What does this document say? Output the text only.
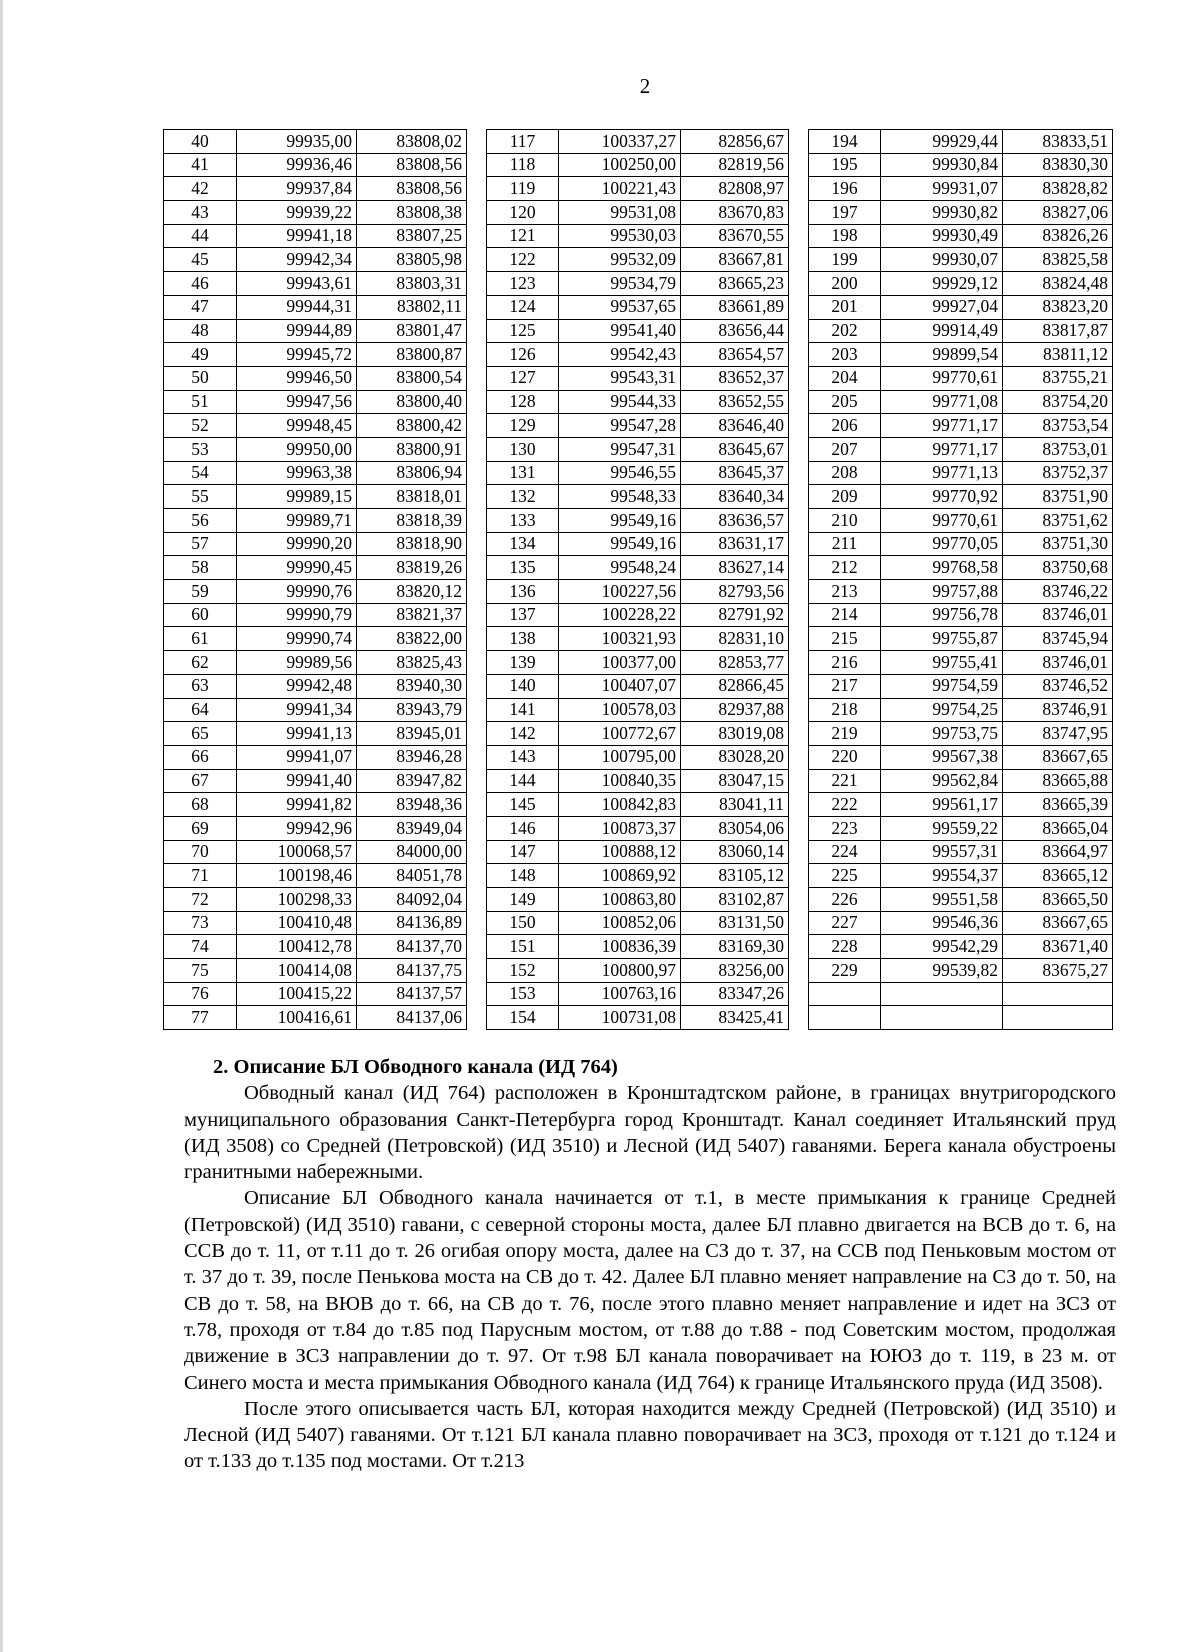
2
40	99935,00	83808,02		117	100337,27	82856,67		194	99929,44	83833,51
41	99936,46	83808,56		118	100250,00	82819,56		195	99930,84	83830,30
42	99937,84	83808,56		119	100221,43	82808,97		196	99931,07	83828,82
43	99939,22	83808,38		120	99531,08	83670,83		197	99930,82	83827,06
44	99941,18	83807,25		121	99530,03	83670,55		198	99930,49	83826,26
45	99942,34	83805,98		122	99532,09	83667,81		199	99930,07	83825,58
46	99943,61	83803,31		123	99534,79	83665,23		200	99929,12	83824,48
47	99944,31	83802,11		124	99537,65	83661,89		201	99927,04	83823,20
48	99944,89	83801,47		125	99541,40	83656,44		202	99914,49	83817,87
49	99945,72	83800,87		126	99542,43	83654,57		203	99899,54	83811,12
50	99946,50	83800,54		127	99543,31	83652,37		204	99770,61	83755,21
51	99947,56	83800,40		128	99544,33	83652,55		205	99771,08	83754,20
52	99948,45	83800,42		129	99547,28	83646,40		206	99771,17	83753,54
53	99950,00	83800,91		130	99547,31	83645,67		207	99771,17	83753,01
54	99963,38	83806,94		131	99546,55	83645,37		208	99771,13	83752,37
55	99989,15	83818,01		132	99548,33	83640,34		209	99770,92	83751,90
56	99989,71	83818,39		133	99549,16	83636,57		210	99770,61	83751,62
57	99990,20	83818,90		134	99549,16	83631,17		211	99770,05	83751,30
58	99990,45	83819,26		135	99548,24	83627,14		212	99768,58	83750,68
59	99990,76	83820,12		136	100227,56	82793,56		213	99757,88	83746,22
60	99990,79	83821,37		137	100228,22	82791,92		214	99756,78	83746,01
61	99990,74	83822,00		138	100321,93	82831,10		215	99755,87	83745,94
62	99989,56	83825,43		139	100377,00	82853,77		216	99755,41	83746,01
63	99942,48	83940,30		140	100407,07	82866,45		217	99754,59	83746,52
64	99941,34	83943,79		141	100578,03	82937,88		218	99754,25	83746,91
65	99941,13	83945,01		142	100772,67	83019,08		219	99753,75	83747,95
66	99941,07	83946,28		143	100795,00	83028,20		220	99567,38	83667,65
67	99941,40	83947,82		144	100840,35	83047,15		221	99562,84	83665,88
68	99941,82	83948,36		145	100842,83	83041,11		222	99561,17	83665,39
69	99942,96	83949,04		146	100873,37	83054,06		223	99559,22	83665,04
70	100068,57	84000,00		147	100888,12	83060,14		224	99557,31	83664,97
71	100198,46	84051,78		148	100869,92	83105,12		225	99554,37	83665,12
72	100298,33	84092,04		149	100863,80	83102,87		226	99551,58	83665,50
73	100410,48	84136,89		150	100852,06	83131,50		227	99546,36	83667,65
74	100412,78	84137,70		151	100836,39	83169,30		228	99542,29	83671,40
75	100414,08	84137,75		152	100800,97	83256,00		229	99539,82	83675,27
76	100415,22	84137,57		153	100763,16	83347,26				
77	100416,61	84137,06		154	100731,08	83425,41				
2. Описание БЛ Обводного канала (ИД 764)

Обводный канал (ИД 764) расположен в Кронштадтском районе, в границах внутригородского муниципального образования Санкт-Петербурга город Кронштадт. Канал соединяет Итальянский пруд (ИД 3508) со Средней (Петровской) (ИД 3510) и Лесной (ИД 5407) гаванями. Берега канала обустроены гранитными набережными.

Описание БЛ Обводного канала начинается от т.1, в месте примыкания к границе Средней (Петровской) (ИД 3510) гавани, с северной стороны моста, далее БЛ плавно двигается на ВСВ до т. 6, на ССВ до т. 11, от т.11 до т. 26 огибая опору моста, далее на СЗ до т. 37, на ССВ под Пеньковым мостом от т. 37 до т. 39, после Пенькова моста на СВ до т. 42. Далее БЛ плавно меняет направление на СЗ до т. 50, на СВ до т. 58, на ВЮВ до т. 66, на СВ до т. 76, после этого плавно меняет направление и идет на ЗСЗ от т.78, проходя от т.84 до т.85 под Парусным мостом, от т.88 до т.88 - под Советским мостом, продолжая движение в ЗСЗ направлении до т. 97. От т.98 БЛ канала поворачивает на ЮЮЗ до т. 119, в 23 м. от Синего моста и места примыкания Обводного канала (ИД 764) к границе Итальянского пруда (ИД 3508).

После этого описывается часть БЛ, которая находится между Средней (Петровской) (ИД 3510) и Лесной (ИД 5407) гаванями. От т.121 БЛ канала плавно поворачивает на ЗСЗ, проходя от т.121 до т.124 и от т.133 до т.135 под мостами. От т.213
